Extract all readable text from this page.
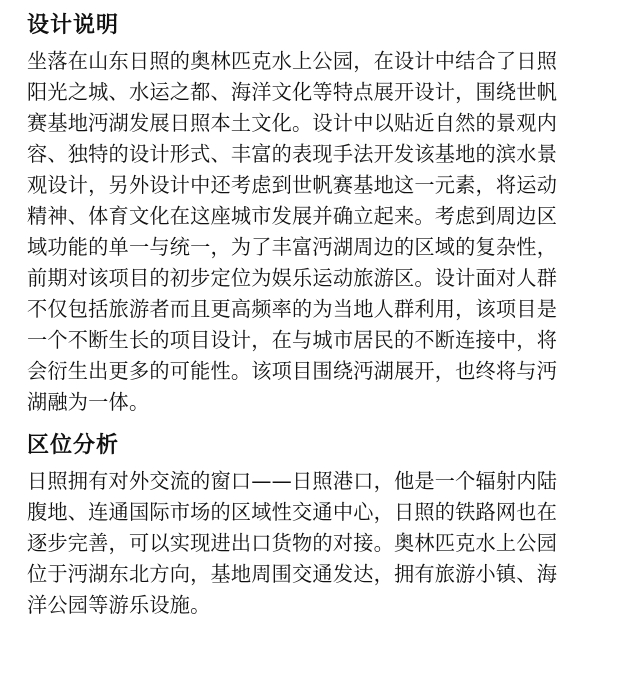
设计说明
坐落在山东日照的奥林匹克水上公园，在设计中结合了日照
阳光之城、水运之都、海洋文化等特点展开设计，围绕世帆
赛基地沔湖发展日照本土文化。设计中以贴近自然的景观内
容、独特的设计形式、丰富的表现手法开发该基地的滨水景
观设计，另外设计中还考虑到世帆赛基地这一元素，将运动
精神、体育文化在这座城市发展并确立起来。考虑到周边区
域功能的单一与统一，为了丰富沔湖周边的区域的复杂性，
前期对该项目的初步定位为娱乐运动旅游区。设计面对人群
不仅包括旅游者而且更高频率的为当地人群利用，该项目是
一个不断生长的项目设计，在与城市居民的不断连接中，将
会衍生出更多的可能性。该项目围绕沔湖展开，也终将与沔
湖融为一体。
区位分析
日照拥有对外交流的窗口——日照港口，他是一个辐射内陆
腹地、连通国际市场的区域性交通中心，日照的铁路网也在
逐步完善，可以实现进出口货物的对接。奥林匹克水上公园
位于沔湖东北方向，基地周围交通发达，拥有旅游小镇、海
洋公园等游乐设施。
